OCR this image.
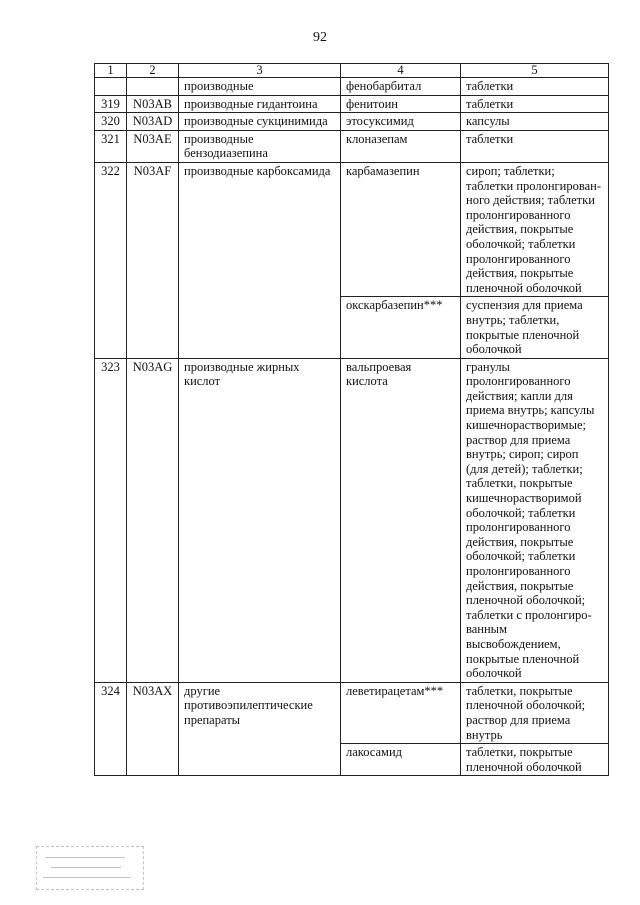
92
1	2	3	4	5
		производные	фенобарбитал	таблетки
319	N03AB	производные гидантоина	фенитоин	таблетки
320	N03AD	производные сукцинимида	этосуксимид	капсулы
321	N03AE	производные бензодиазепина	клоназепам	таблетки
322	N03AF	производные карбоксамида	карбамазепин	сироп; таблетки; таблетки пролонгирован-ного действия; таблетки пролонгированного действия, покрытые оболочкой; таблетки пролонгированного действия, покрытые пленочной оболочкой
			окскарбазепин***	суспензия для приема внутрь; таблетки, покрытые пленочной оболочкой
323	N03AG	производные жирных кислот	вальпроевая кислота	гранулы пролонгированного действия; капли для приема внутрь; капсулы кишечнорастворимые; раствор для приема внутрь; сироп; сироп (для детей); таблетки; таблетки, покрытые кишечнорастворимой оболочкой; таблетки пролонгированного действия, покрытые оболочкой; таблетки пролонгированного действия, покрытые пленочной оболочкой; таблетки с пролонгиро-ванным высвобождением, покрытые пленочной оболочкой
324	N03AX	другие противоэпилептические препараты	леветирацетам***	таблетки, покрытые пленочной оболочкой; раствор для приема внутрь
			лакосамид	таблетки, покрытые пленочной оболочкой
